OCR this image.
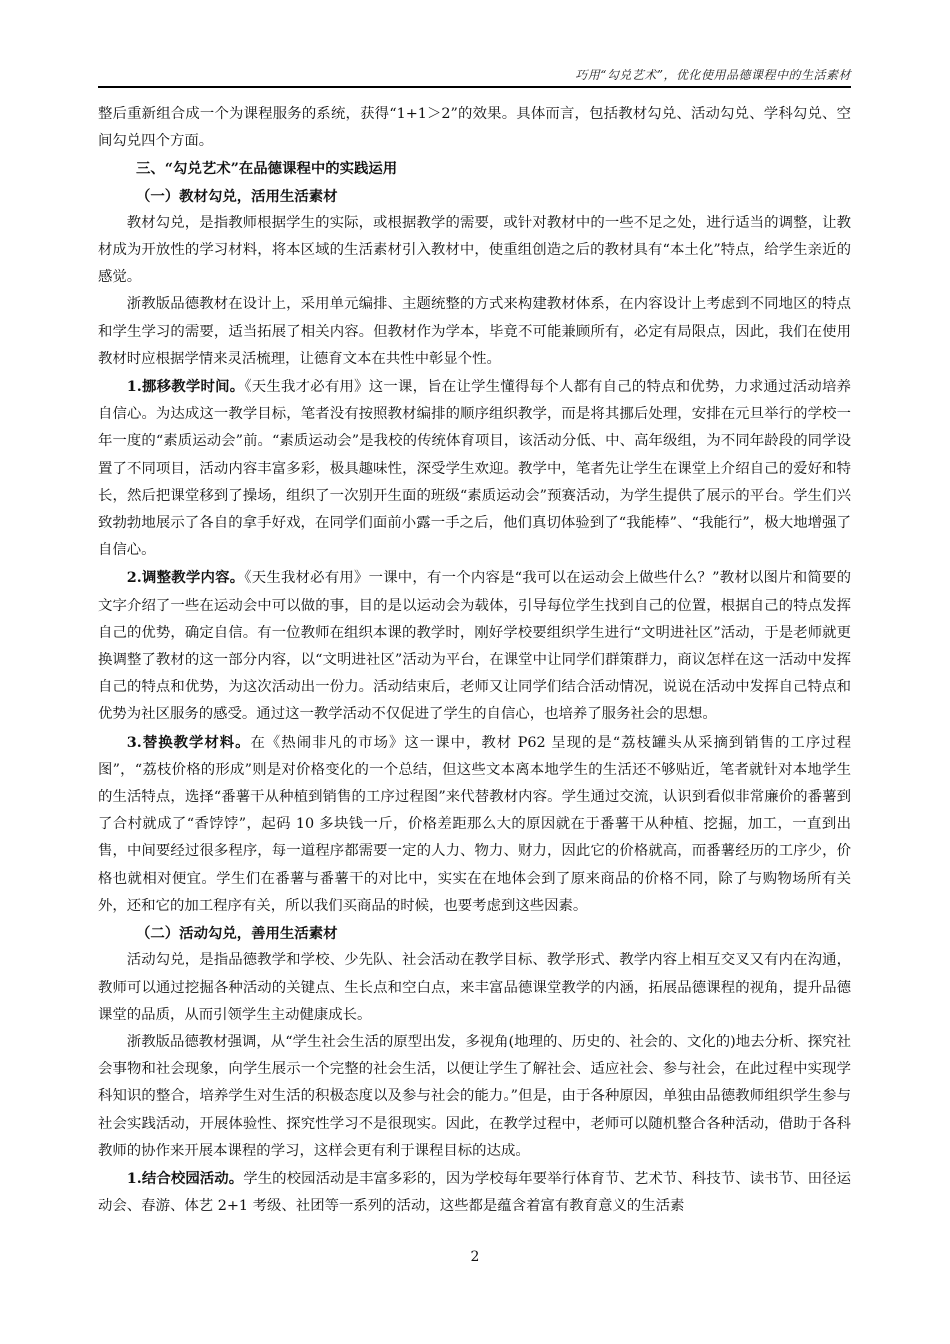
巧用“勾兑艺术”，优化使用品德课程中的生活素材

整后重新组合成一个为课程服务的系统，获得“1+1＞2”的效果。具体而言，包括教材勾兑、活动勾兑、学科勾兑、空间勾兑四个方面。

三、“勾兑艺术”在品德课程中的实践运用

（一）教材勾兑，活用生活素材

教材勾兑，是指教师根据学生的实际，或根据教学的需要，或针对教材中的一些不足之处，进行适当的调整，让教材成为开放性的学习材料，将本区域的生活素材引入教材中，使重组创造之后的教材具有“本土化”特点，给学生亲近的感觉。

浙教版品德教材在设计上，采用单元编排、主题统整的方式来构建教材体系，在内容设计上考虑到不同地区的特点和学生学习的需要，适当拓展了相关内容。但教材作为学本，毕竟不可能兼顾所有，必定有局限点，因此，我们在使用教材时应根据学情来灵活梳理，让德育文本在共性中彰显个性。

1.挪移教学时间。《天生我才必有用》这一课，旨在让学生懂得每个人都有自己的特点和优势，力求通过活动培养自信心。为达成这一教学目标，笔者没有按照教材编排的顺序组织教学，而是将其挪后处理，安排在元旦举行的学校一年一度的“素质运动会”前。“素质运动会”是我校的传统体育项目，该活动分低、中、高年级组，为不同年龄段的同学设置了不同项目，活动内容丰富多彩，极具趣味性，深受学生欢迎。教学中，笔者先让学生在课堂上介绍自己的爱好和特长，然后把课堂移到了操场，组织了一次别开生面的班级“素质运动会”预赛活动，为学生提供了展示的平台。学生们兴致勃勃地展示了各自的拿手好戏，在同学们面前小露一手之后，他们真切体验到了“我能棒”、“我能行”，极大地增强了自信心。

2.调整教学内容。《天生我材必有用》一课中，有一个内容是“我可以在运动会上做些什么？”教材以图片和简要的文字介绍了一些在运动会中可以做的事，目的是以运动会为载体，引导每位学生找到自己的位置，根据自己的特点发挥自己的优势，确定自信。有一位教师在组织本课的教学时，刚好学校要组织学生进行“文明进社区”活动，于是老师就更换调整了教材的这一部分内容，以“文明进社区”活动为平台，在课堂中让同学们群策群力，商议怎样在这一活动中发挥自己的特点和优势，为这次活动出一份力。活动结束后，老师又让同学们结合活动情况，说说在活动中发挥自己特点和优势为社区服务的感受。通过这一教学活动不仅促进了学生的自信心，也培养了服务社会的思想。

3.替换教学材料。在《热闹非凡的市场》这一课中，教材 P62 呈现的是“荔枝罐头从采摘到销售的工序过程图”，“荔枝价格的形成”则是对价格变化的一个总结，但这些文本离本地学生的生活还不够贴近，笔者就针对本地学生的生活特点，选择“番薯干从种植到销售的工序过程图”来代替教材内容。学生通过交流，认识到看似非常廉价的番薯到了合村就成了“香饽饽”，起码 10 多块钱一斤，价格差距那么大的原因就在于番薯干从种植、挖掘，加工，一直到出售，中间要经过很多程序，每一道程序都需要一定的人力、物力、财力，因此它的价格就高，而番薯经历的工序少，价格也就相对便宜。学生们在番薯与番薯干的对比中，实实在在地体会到了原来商品的价格不同，除了与购物场所有关外，还和它的加工程序有关，所以我们买商品的时候，也要考虑到这些因素。

（二）活动勾兑，善用生活素材

活动勾兑，是指品德教学和学校、少先队、社会活动在教学目标、教学形式、教学内容上相互交叉又有内在沟通，教师可以通过挖掘各种活动的关键点、生长点和空白点，来丰富品德课堂教学的内涵，拓展品德课程的视角，提升品德课堂的品质，从而引领学生主动健康成长。

浙教版品德教材强调，从“学生社会生活的原型出发，多视角(地理的、历史的、社会的、文化的)地去分析、探究社会事物和社会现象，向学生展示一个完整的社会生活，以便让学生了解社会、适应社会、参与社会，在此过程中实现学科知识的整合，培养学生对生活的积极态度以及参与社会的能力。”但是，由于各种原因，单独由品德教师组织学生参与社会实践活动，开展体验性、探究性学习不是很现实。因此，在教学过程中，老师可以随机整合各种活动，借助于各科教师的协作来开展本课程的学习，这样会更有利于课程目标的达成。

1.结合校园活动。学生的校园活动是丰富多彩的，因为学校每年要举行体育节、艺术节、科技节、读书节、田径运动会、春游、体艺 2+1 考级、社团等一系列的活动，这些都是蕴含着富有教育意义的生活素

2
